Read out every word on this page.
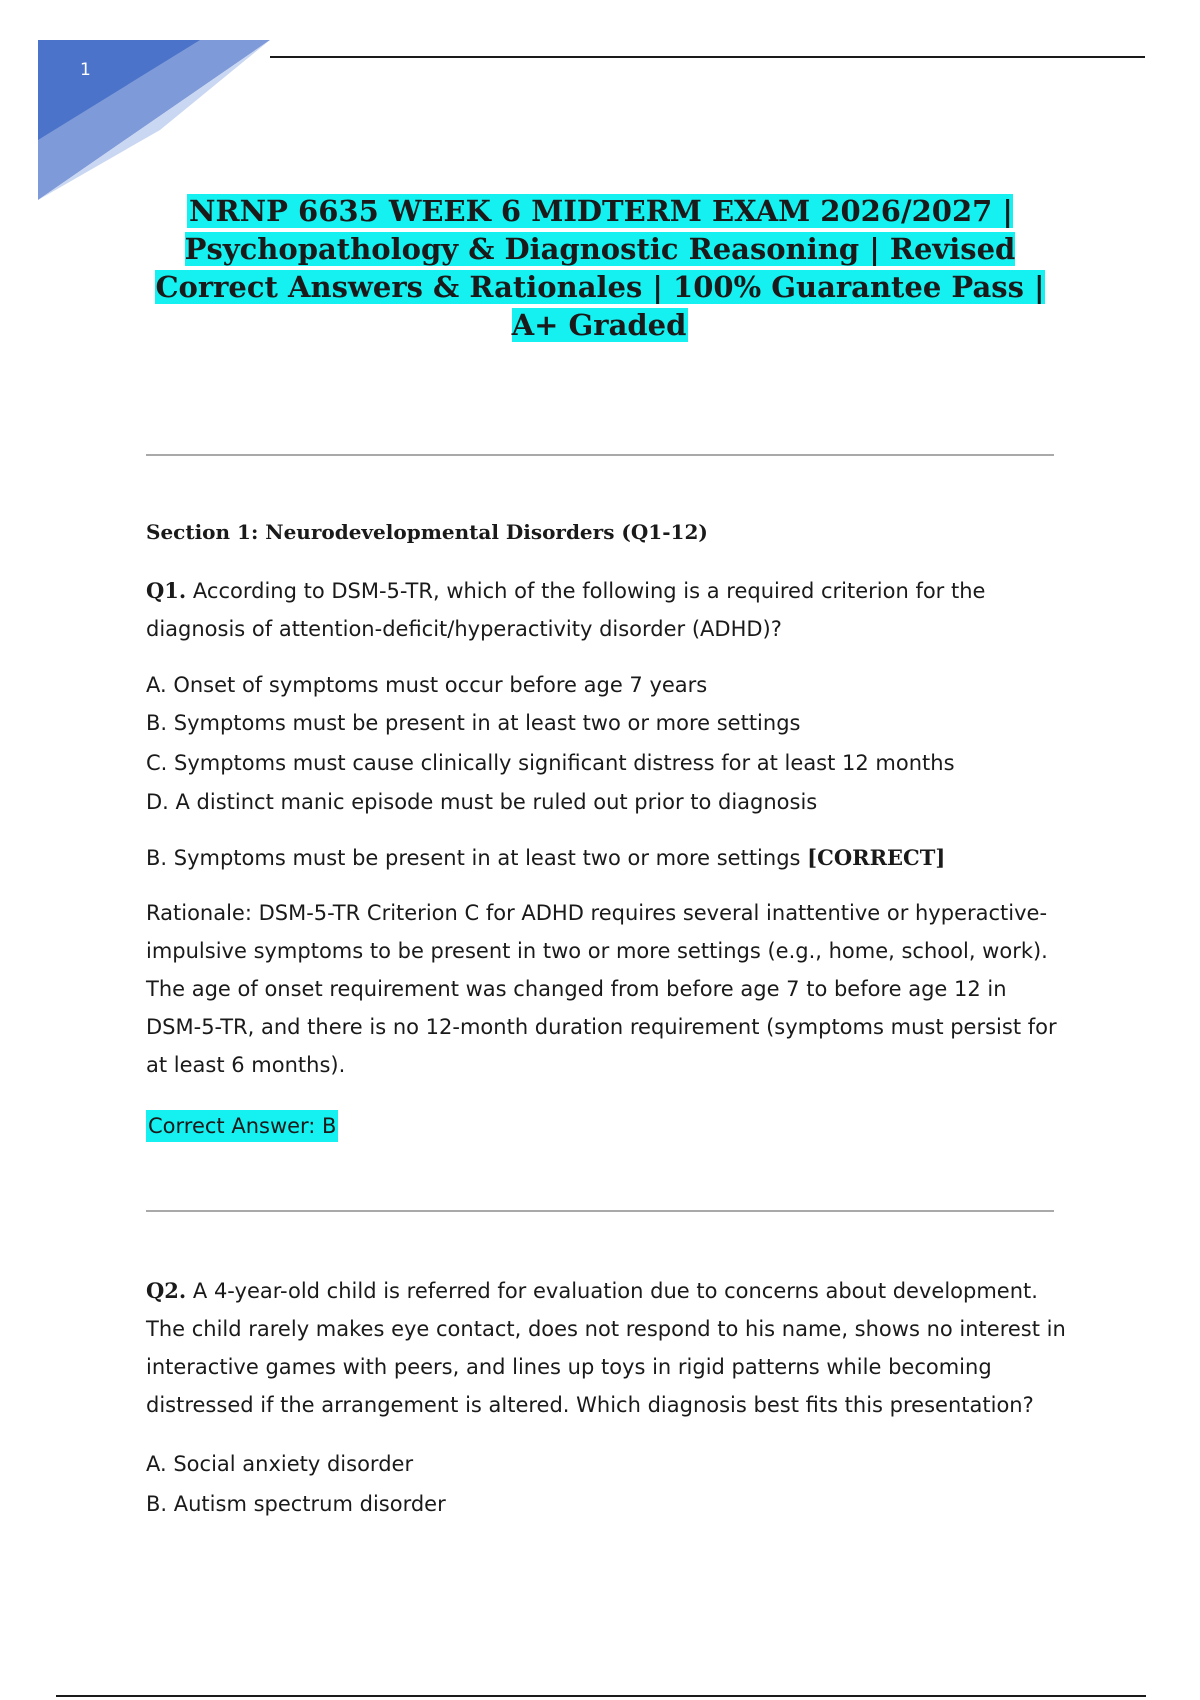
1
NRNP 6635 WEEK 6 MIDTERM EXAM 2026/2027 | Psychopathology & Diagnostic Reasoning | Revised Correct Answers & Rationales | 100% Guarantee Pass | A+ Graded
Section 1: Neurodevelopmental Disorders (Q1-12)

Q1. According to DSM-5-TR, which of the following is a required criterion for the diagnosis of attention-deficit/hyperactivity disorder (ADHD)?

A. Onset of symptoms must occur before age 7 years

B. Symptoms must be present in at least two or more settings

C. Symptoms must cause clinically significant distress for at least 12 months

D. A distinct manic episode must be ruled out prior to diagnosis

B. Symptoms must be present in at least two or more settings [CORRECT]

Rationale: DSM-5-TR Criterion C for ADHD requires several inattentive or hyperactive-impulsive symptoms to be present in two or more settings (e.g., home, school, work). The age of onset requirement was changed from before age 7 to before age 12 in DSM-5-TR, and there is no 12-month duration requirement (symptoms must persist for at least 6 months).

Correct Answer: B

Q2. A 4-year-old child is referred for evaluation due to concerns about development. The child rarely makes eye contact, does not respond to his name, shows no interest in interactive games with peers, and lines up toys in rigid patterns while becoming distressed if the arrangement is altered. Which diagnosis best fits this presentation?

A. Social anxiety disorder

B. Autism spectrum disorder
